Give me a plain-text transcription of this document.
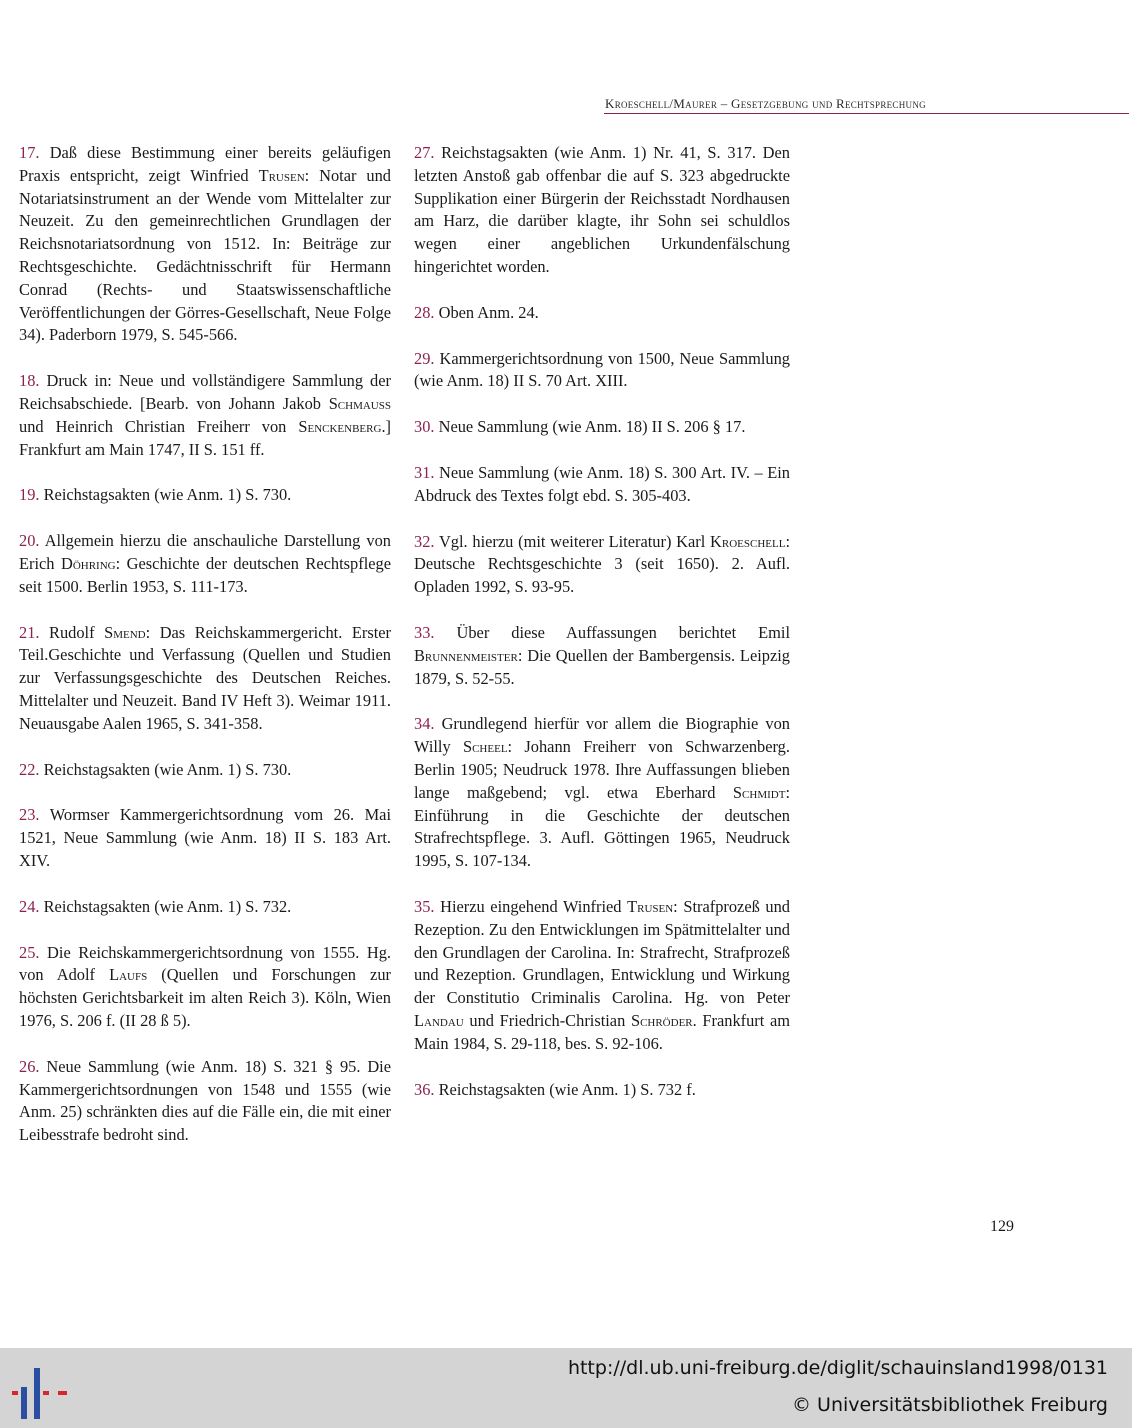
Kroeschell/Maurer – Gesetzgebung und Rechtsprechung

17. Daß diese Bestimmung einer bereits geläufigen Praxis entspricht, zeigt Winfried Trusen: Notar und Notariatsinstrument an der Wende vom Mittelalter zur Neuzeit. Zu den gemeinrechtlichen Grundlagen der Reichsnotariatsordnung von 1512. In: Beiträge zur Rechtsgeschichte. Gedächtnisschrift für Hermann Conrad (Rechts- und Staatswissenschaftliche Veröffentlichungen der Görres-Gesellschaft, Neue Folge 34). Paderborn 1979, S. 545-566.

18. Druck in: Neue und vollständigere Sammlung der Reichsabschiede. [Bearb. von Johann Jakob Schmauss und Heinrich Christian Freiherr von Senckenberg.] Frankfurt am Main 1747, II S. 151 ff.

19. Reichstagsakten (wie Anm. 1) S. 730.

20. Allgemein hierzu die anschauliche Darstellung von Erich Döhring: Geschichte der deutschen Rechtspflege seit 1500. Berlin 1953, S. 111-173.

21. Rudolf Smend: Das Reichskammergericht. Erster Teil.Geschichte und Verfassung (Quellen und Studien zur Verfassungsgeschichte des Deutschen Reiches. Mittelalter und Neuzeit. Band IV Heft 3). Weimar 1911. Neuausgabe Aalen 1965, S. 341-358.

22. Reichstagsakten (wie Anm. 1) S. 730.

23. Wormser Kammergerichtsordnung vom 26. Mai 1521, Neue Sammlung (wie Anm. 18) II S. 183 Art. XIV.

24. Reichstagsakten (wie Anm. 1) S. 732.

25. Die Reichskammergerichtsordnung von 1555. Hg. von Adolf Laufs (Quellen und Forschungen zur höchsten Gerichtsbarkeit im alten Reich 3). Köln, Wien 1976, S. 206 f. (II 28 ß 5).

26. Neue Sammlung (wie Anm. 18) S. 321 § 95. Die Kammergerichtsordnungen von 1548 und 1555 (wie Anm. 25) schränkten dies auf die Fälle ein, die mit einer Leibesstrafe bedroht sind.

27. Reichstagsakten (wie Anm. 1) Nr. 41, S. 317. Den letzten Anstoß gab offenbar die auf S. 323 abgedruckte Supplikation einer Bürgerin der Reichsstadt Nordhausen am Harz, die darüber klagte, ihr Sohn sei schuldlos wegen einer angeblichen Urkundenfälschung hingerichtet worden.

28. Oben Anm. 24.

29. Kammergerichtsordnung von 1500, Neue Sammlung (wie Anm. 18) II S. 70 Art. XIII.

30. Neue Sammlung (wie Anm. 18) II S. 206 § 17.

31. Neue Sammlung (wie Anm. 18) S. 300 Art. IV. – Ein Abdruck des Textes folgt ebd. S. 305-403.

32. Vgl. hierzu (mit weiterer Literatur) Karl Kroeschell: Deutsche Rechtsgeschichte 3 (seit 1650). 2. Aufl. Opladen 1992, S. 93-95.

33. Über diese Auffassungen berichtet Emil Brunnenmeister: Die Quellen der Bambergensis. Leipzig 1879, S. 52-55.

34. Grundlegend hierfür vor allem die Biographie von Willy Scheel: Johann Freiherr von Schwarzenberg. Berlin 1905; Neudruck 1978. Ihre Auffassungen blieben lange maßgebend; vgl. etwa Eberhard Schmidt: Einführung in die Geschichte der deutschen Strafrechtspflege. 3. Aufl. Göttingen 1965, Neudruck 1995, S. 107-134.

35. Hierzu eingehend Winfried Trusen: Strafprozeß und Rezeption. Zu den Entwicklungen im Spätmittelalter und den Grundlagen der Carolina. In: Strafrecht, Strafprozeß und Rezeption. Grundlagen, Entwicklung und Wirkung der Constitutio Criminalis Carolina. Hg. von Peter Landau und Friedrich-Christian Schröder. Frankfurt am Main 1984, S. 29-118, bes. S. 92-106.

36. Reichstagsakten (wie Anm. 1) S. 732 f.

129
http://dl.ub.uni-freiburg.de/diglit/schauinsland1998/0131
© Universitätsbibliothek Freiburg
